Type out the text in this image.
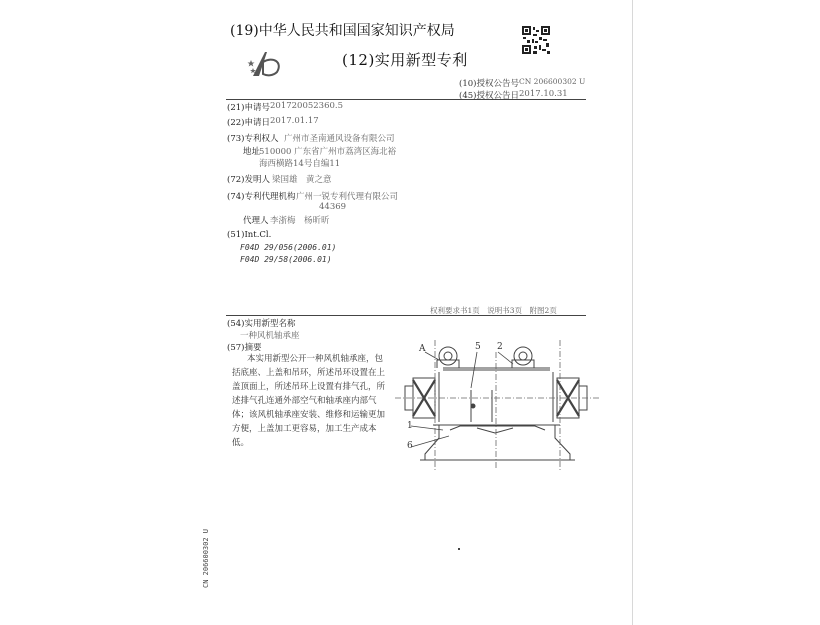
(19)中华人民共和国国家知识产权局
(12)实用新型专利
(10)授权公告号 CN 206600302 U
(45)授权公告日 2017.10.31
(21)申请号 201720052360.5
(22)申请日 2017.01.17
(73)专利权人 广州市圣南通风设备有限公司
地址
510000 广东省广州市荔湾区海北裕
海西横路14号自编11
(72)发明人 梁国雄　黄之意
(74)专利代理机构 广州一锐专利代理有限公司
44369
代理人 李浙梅　杨昕昕
(51)Int.Cl.
F04D 29/056(2006.01)
F04D 29/58(2006.01)
权利要求书1页　说明书3页　附图2页
(54)实用新型名称
一种风机轴承座
(57)摘要
本实用新型公开一种风机轴承座，包括底座、上盖和吊环，所述吊环设置在上盖顶面上，所述吊环上设置有排气孔，所述排气孔连通外部空气和轴承座内部气体；该风机轴承座安装、维修和运输更加方便，上盖加工更容易，加工生产成本低。
A	5 2
1
6
CN 206600302 U
